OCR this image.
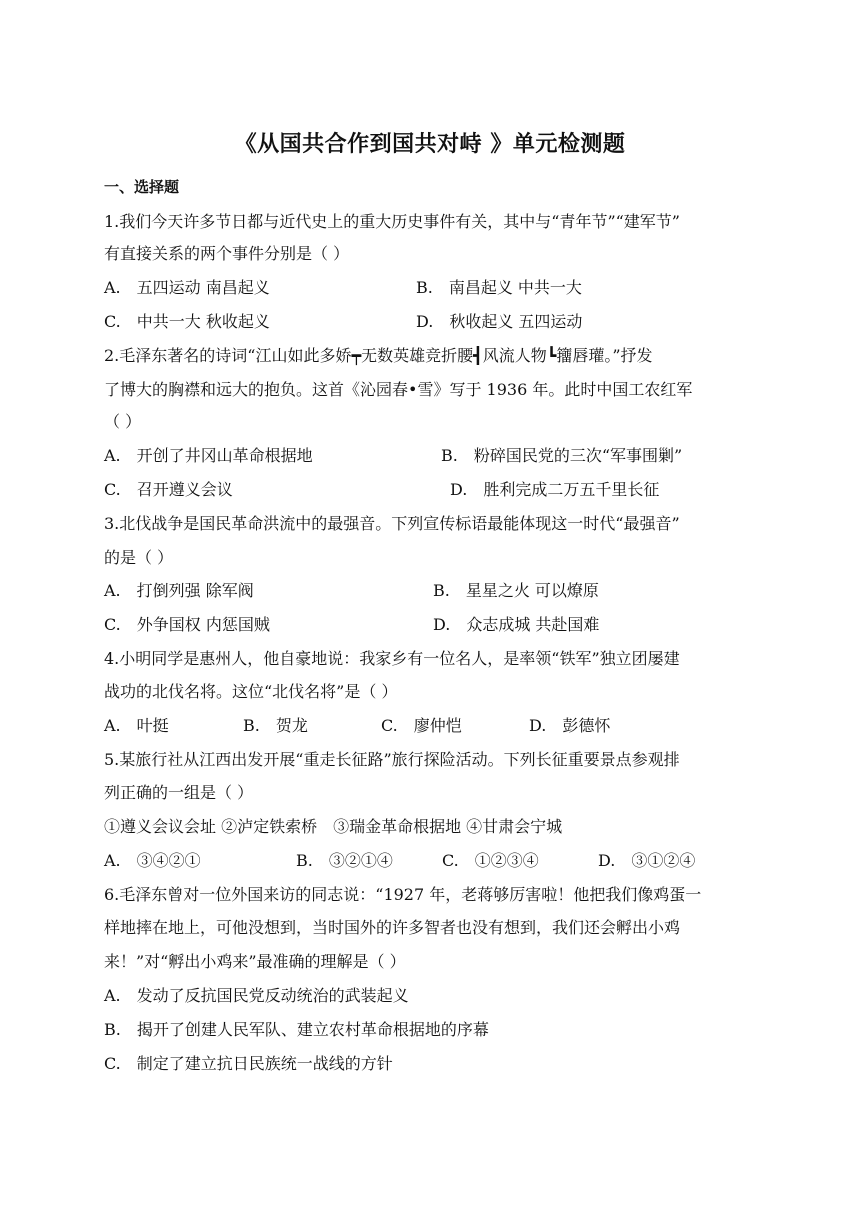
《从国共合作到国共对峙 》单元检测题
一、选择题
1.我们今天许多节日都与近代史上的重大历史事件有关，其中与“青年节”“建军节”
有直接关系的两个事件分别是（ ）
A.　五四运动 南昌起义	B.　南昌起义 中共一大
C.　中共一大 秋收起义	D.　秋收起义 五四运动
2.毛泽东著名的诗词“江山如此多娇┯无数英雄竞折腰┫风流人物┗籒唇瓘。”抒发
了博大的胸襟和远大的抱负。这首《沁园春•雪》写于 1936 年。此时中国工农红军
（ ）
A.　开创了井冈山革命根据地	B.　粉碎国民党的三次“军事围剿”
C.　召开遵义会议	D.　胜利完成二万五千里长征
3.北伐战争是国民革命洪流中的最强音。下列宣传标语最能体现这一时代“最强音”
的是（ ）
A.　打倒列强 除军阀	B.　星星之火 可以燎原
C.　外争国权 内惩国贼	D.　众志成城 共赴国难
4.小明同学是惠州人，他自豪地说：我家乡有一位名人，是率领“铁军”独立团屡建
战功的北伐名将。这位“北伐名将”是（ ）
A.　叶挺	B.　贺龙	C.　廖仲恺	D.　彭德怀
5.某旅行社从江西出发开展“重走长征路”旅行探险活动。下列长征重要景点参观排
列正确的一组是（ ）
①遵义会议会址 ②泸定铁索桥　③瑞金革命根据地 ④甘肃会宁城
A.　③④②①	B.　③②①④	C.　①②③④	D.　③①②④
6.毛泽东曾对一位外国来访的同志说：“1927 年，老蒋够厉害啦！他把我们像鸡蛋一
样地摔在地上，可他没想到，当时国外的许多智者也没有想到，我们还会孵出小鸡
来！”对“孵出小鸡来”最准确的理解是（ ）
A.　发动了反抗国民党反动统治的武装起义
B.　揭开了创建人民军队、建立农村革命根据地的序幕
C.　制定了建立抗日民族统一战线的方针
